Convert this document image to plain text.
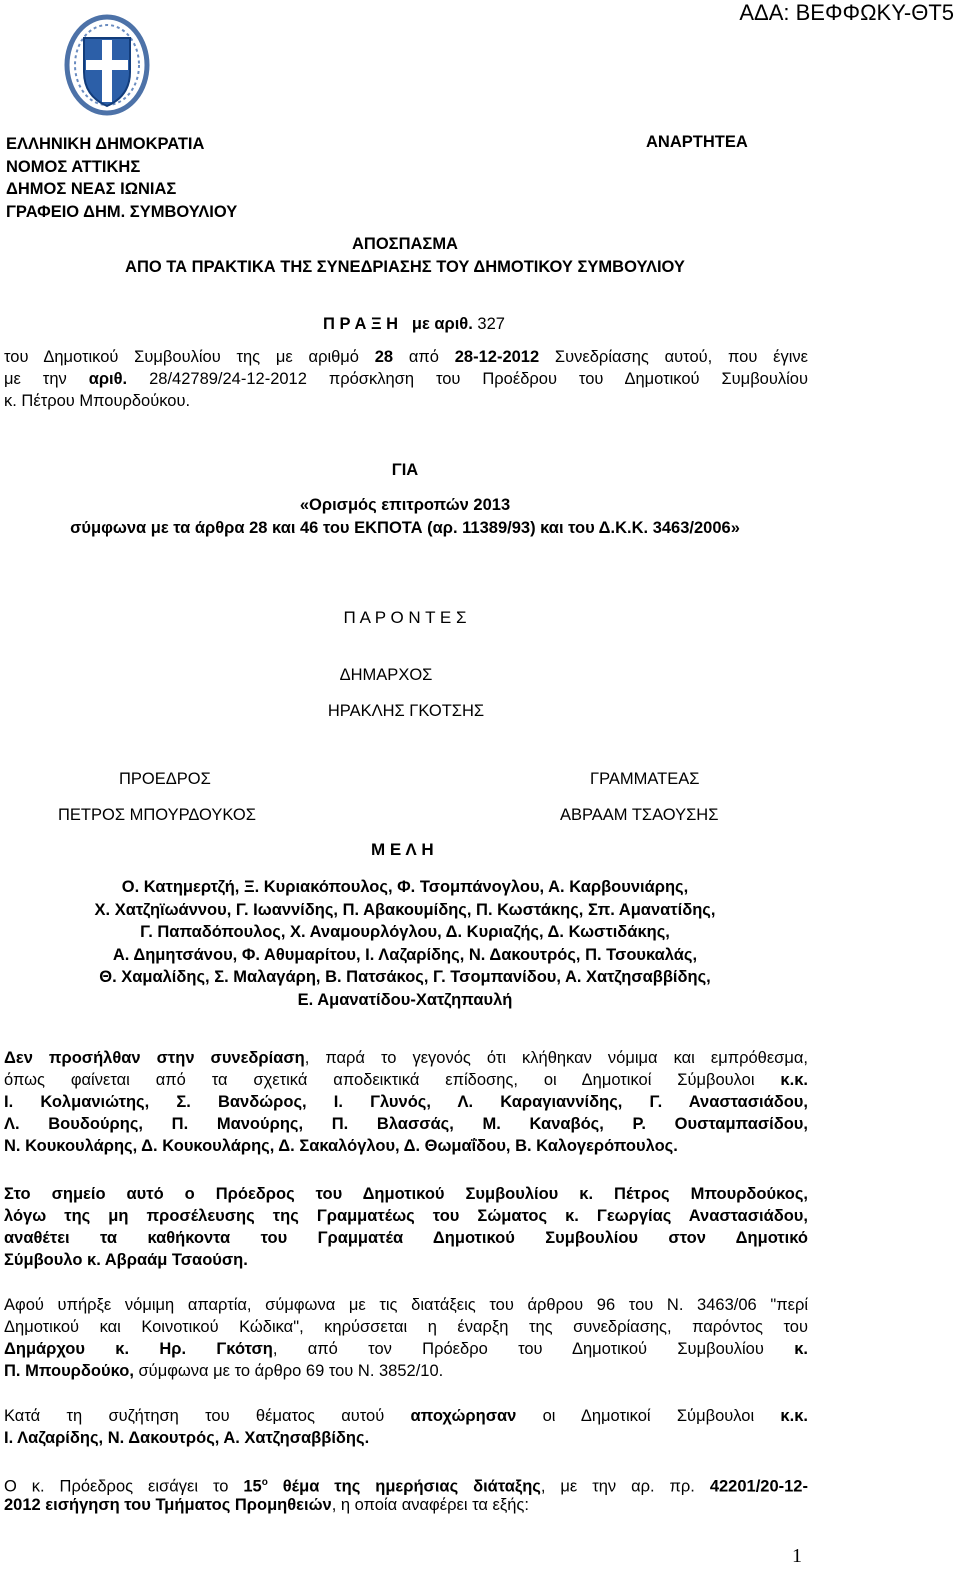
ΑΔΑ: ΒΕΦΦΩΚΥ-ΘΤ5
ΕΛΛΗΝΙΚΗ ΔΗΜΟΚΡΑΤΙΑ
ΝΟΜΟΣ ΑΤΤΙΚΗΣ
ΔΗΜΟΣ ΝΕΑΣ ΙΩΝΙΑΣ
ΓΡΑΦΕΙΟ ΔΗΜ. ΣΥΜΒΟΥΛΙΟΥ
ΑΝΑΡΤΗΤΕΑ
ΑΠΟΣΠΑΣΜΑ
ΑΠΟ ΤΑ ΠΡΑΚΤΙΚΑ ΤΗΣ ΣΥΝΕΔΡΙΑΣΗΣ ΤΟΥ ΔΗΜΟΤΙΚΟΥ ΣΥΜΒΟΥΛΙΟΥ
Π Ρ Α Ξ Η   με αριθ. 327
του Δημοτικού Συμβουλίου της με αριθμό 28 από 28-12-2012 Συνεδρίασης αυτού, που έγινε
με την αριθ. 28/42789/24-12-2012 πρόσκληση του Προέδρου του Δημοτικού Συμβουλίου
κ. Πέτρου Μπουρδούκου.
ΓΙΑ
«Ορισμός επιτροπών 2013
σύμφωνα με τα άρθρα 28 και 46 του ΕΚΠΟΤΑ (αρ. 11389/93) και του Δ.Κ.Κ. 3463/2006»
Π Α Ρ Ο Ν Τ Ε Σ
ΔΗΜΑΡΧΟΣ
ΗΡΑΚΛΗΣ ΓΚΟΤΣΗΣ
ΠΡΟΕΔΡΟΣ
ΠΕΤΡΟΣ ΜΠΟΥΡΔΟΥΚΟΣ
ΓΡΑΜΜΑΤΕΑΣ
ΑΒΡΑΑΜ ΤΣΑΟΥΣΗΣ
Μ Ε Λ Η
Ο. Κατημερτζή, Ξ. Κυριακόπουλος, Φ. Τσομπάνογλου, Α. Καρβουνιάρης,
Χ. Χατζηϊωάννου, Γ. Ιωαννίδης, Π. Αβακουμίδης, Π. Κωστάκης, Σπ. Αμανατίδης,
Γ. Παπαδόπουλος, Χ. Αναμουρλόγλου, Δ. Κυριαζής, Δ. Κωστιδάκης,
Α. Δημητσάνου, Φ. Αθυμαρίτου, Ι. Λαζαρίδης, Ν. Δακουτρός, Π. Τσουκαλάς,
Θ. Χαμαλίδης, Σ. Μαλαγάρη, Β. Πατσάκος, Γ. Τσομπανίδου, Α. Χατζησαββίδης,
Ε. Αμανατίδου-Χατζηπαυλή
Δεν προσήλθαν στην συνεδρίαση, παρά το γεγονός ότι κλήθηκαν νόμιμα και εμπρόθεσμα,
όπως φαίνεται από τα σχετικά αποδεικτικά επίδοσης, οι Δημοτικοί Σύμβουλοι κ.κ.
Ι. Κολμανιώτης, Σ. Βανδώρος, Ι. Γλυνός, Λ. Καραγιαννίδης, Γ. Αναστασιάδου,
Λ. Βουδούρης, Π. Μανούρης, Π. Βλασσάς, Μ. Καναβός, Ρ. Ουσταμπασίδου,
Ν. Κουκουλάρης, Δ. Κουκουλάρης, Δ. Σακαλόγλου, Δ. Θωμαΐδου, Β. Καλογερόπουλος.
Στο σημείο αυτό ο Πρόεδρος του Δημοτικού Συμβουλίου κ. Πέτρος Μπουρδούκος,
λόγω της μη προσέλευσης της Γραμματέως του Σώματος κ. Γεωργίας Αναστασιάδου,
αναθέτει τα καθήκοντα του Γραμματέα Δημοτικού Συμβουλίου στον Δημοτικό
Σύμβουλο κ. Αβραάμ Τσαούση.
Αφού υπήρξε νόμιμη απαρτία, σύμφωνα με τις διατάξεις του άρθρου 96 του Ν. 3463/06 "περί
Δημοτικού και Κοινοτικού Κώδικα", κηρύσσεται η έναρξη της συνεδρίασης, παρόντος του
Δημάρχου κ. Ηρ. Γκότση, από τον Πρόεδρο του Δημοτικού Συμβουλίου κ.
Π. Μπουρδούκο, σύμφωνα με το άρθρο 69 του Ν. 3852/10.
Κατά τη συζήτηση του θέματος αυτού αποχώρησαν οι Δημοτικοί Σύμβουλοι κ.κ.
Ι. Λαζαρίδης, Ν. Δακουτρός, Α. Χατζησαββίδης.
Ο κ. Πρόεδρος εισάγει το $15^o$ θέμα της ημερήσιας διάταξης, με την αρ. πρ. 42201/20-12-
2012 εισήγηση του Τμήματος Προμηθειών, η οποία αναφέρει τα εξής:
1
